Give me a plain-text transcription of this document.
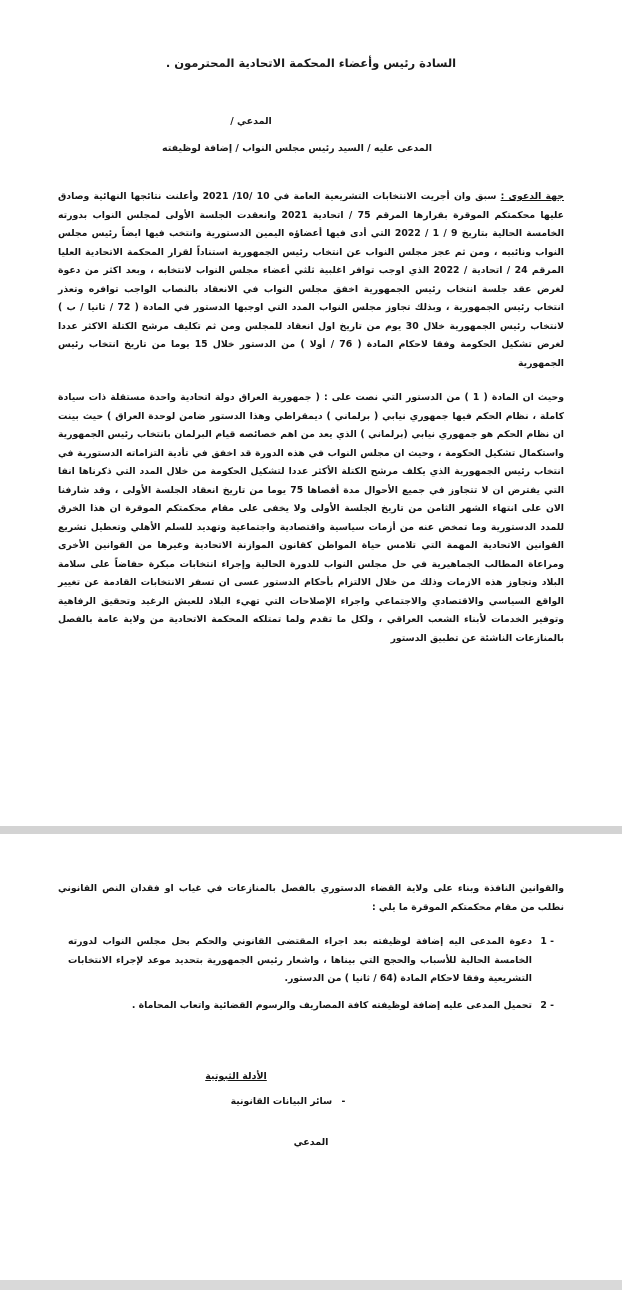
السادة رئيس وأعضاء المحكمة الاتحادية المحترمون .
المدعي /
المدعى عليه / السيد رئيس مجلس النواب / إضافة لوظيفته

جهة الدعوى : سبق وان أجريت الانتخابات التشريعية العامة في 10 /10/ 2021 وأعلنت نتائجها النهائية وصادق عليها محكمتكم الموقرة بقرارها المرقم 75 / اتحادية 2021 وانعقدت الجلسة الأولى لمجلس النواب بدورته الخامسة الحالية بتاريخ 9 / 1 / 2022 التي أدى فيها أعضاؤه اليمين الدستورية وانتخب فيها ايضاً رئيس مجلس النواب ونائبيه ، ومن ثم عجز مجلس النواب عن انتخاب رئيس الجمهورية استناداً لقرار المحكمة الاتحادية العليا المرقم 24 / اتحادية / 2022 الذي اوجب توافر اغلبية ثلثي أعضاء مجلس النواب لانتخابه ، وبعد اكثر من دعوة لغرض عقد جلسة انتخاب رئيس الجمهورية اخفق مجلس النواب في الانعقاد بالنصاب الواجب توافره وتعذر انتخاب رئيس الجمهورية ، وبذلك تجاوز مجلس النواب المدد التي اوجبها الدستور في المادة ( 72 / ثانيا / ب ) لانتخاب رئيس الجمهورية خلال 30 يوم من تاريخ اول انعقاد للمجلس ومن ثم تكليف مرشح الكتلة الاكثر عددا لغرض تشكيل الحكومة وفقا لاحكام المادة ( 76 / أولا ) من الدستور خلال 15 يوما من تاريخ انتخاب رئيس الجمهورية

وحيث ان المادة ( 1 ) من الدستور التي نصت على : ( جمهورية العراق دولة اتحادية واحدة مستقلة ذات سيادة كاملة ، نظام الحكم فيها جمهوري نيابي ( برلماني ) ديمقراطي وهذا الدستور ضامن لوحدة العراق ) حيث بينت ان نظام الحكم هو جمهوري نيابي (برلماني ) الذي يعد من اهم خصائصه قيام البرلمان بانتخاب رئيس الجمهورية واستكمال تشكيل الحكومة ، وحيث ان مجلس النواب في هذه الدورة قد اخفق في تأدية التزاماته الدستورية في انتخاب رئيس الجمهورية الذي يكلف مرشح الكتلة الأكثر عددا لتشكيل الحكومة من خلال المدد التي ذكرناها انفا التي يفترض ان لا تتجاوز في جميع الأحوال مدة أقصاها 75 يوما من تاريخ انعقاد الجلسة الأولى ، وقد شارفنا الان على انتهاء الشهر الثامن من تاريخ الجلسة الأولى ولا يخفى على مقام محكمتكم الموقرة ان هذا الخرق للمدد الدستورية وما تمخض عنه من أزمات سياسية واقتصادية واجتماعية وتهديد للسلم الأهلي وتعطيل تشريع القوانين الاتحادية المهمة التي تلامس حياة المواطن كقانون الموازنة الاتحادية وغيرها من القوانين الأخرى ومراعاة المطالب الجماهيرية في حل مجلس النواب للدورة الحالية وإجراء انتخابات مبكرة حفاضاً على سلامة البلاد وتجاوز هذه الازمات وذلك من خلال الالتزام بأحكام الدستور عسى ان تسفر الانتخابات القادمة عن تغيير الواقع السياسي والاقتصادي والاجتماعي واجراء الإصلاحات التي تهيء البلاد للعيش الرغيد وتحقيق الرفاهية وتوفير الخدمات لأبناء الشعب العراقي ، ولكل ما تقدم ولما تمتلكه المحكمة الاتحادية من ولاية عامة بالفصل بالمنازعات الناشئة عن تطبيق الدستور

والقوانين النافذة وبناء على ولاية القضاء الدستوري بالفصل بالمنازعات في غياب او فقدان النص القانوني نطلب من مقام محكمتكم الموقرة ما يلي :

1 -
دعوة المدعى اليه إضافة لوظيفته بعد اجراء المقتضى القانوني والحكم بحل مجلس النواب لدورته الخامسة الحالية للأسباب والحجج التي بيناها ، واشعار رئيس الجمهورية بتحديد موعد لإجراء الانتخابات التشريعية وفقا لاحكام المادة (64 / ثانيا ) من الدستور.
2 -
تحميل المدعى عليه إضافة لوظيفته كافة المصاريف والرسوم القضائية واتعاب المحاماة .
الأدلة الثبوتية
- سائر البيانات القانونية
المدعي
